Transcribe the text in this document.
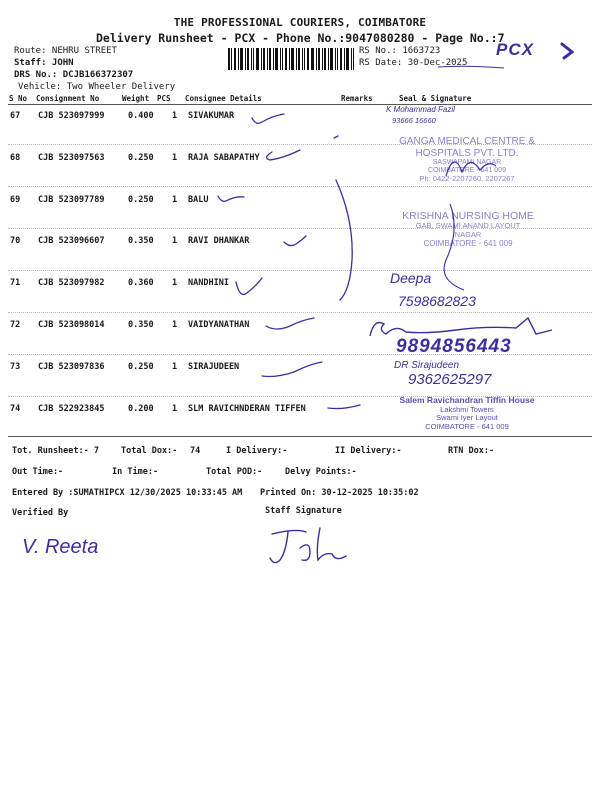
THE PROFESSIONAL COURIERS, COIMBATORE
Delivery Runsheet - PCX - Phone No.:9047080280 - Page No.:7
Route: NEHRU STREET
Staff: JOHN
DRS No.: DCJB166372307
Vehicle: Two Wheeler Delivery
RS No.: 1663723
RS Date: 30-Dec-2025
PCX
S No Consignment No	Weight PCS Consignee Details	Remarks	Seal & Signature
67 CJB 523097999	0.400 1 SIVAKUMAR
68 CJB 523097563	0.250 1 RAJA SABAPATHY
69 CJB 523097789	0.250 1 BALU
70 CJB 523096607	0.350 1 RAVI DHANKAR
71 CJB 523097982	0.360 1 NANDHINI
72 CJB 523098014	0.350 1 VAIDYANATHAN
73 CJB 523097836	0.250 1 SIRAJUDEEN
74 CJB 522923845	0.200 1 SLM RAVICHNDERAN TIFFEN
K Mohammad Fazil
93666 16660
GANGA MEDICAL CENTRE &
HOSPITALS PVT. LTD.
SASWAPAMI NAGAR
COIMBATORE - 641 009
Ph: 0422-2207260, 2207267
KRISHNA NURSING HOME
GAB, SWAMI ANAND LAYOUT
NAGAR
COIMBATORE - 641 009
Deepa
7598682823
9894856443
DR Sirajudeen
9362625297
Salem Ravichandran Tiffin House
Lakshmi Towers
Swami Iyer Layout
COIMBATORE - 641 009
Tot. Runsheet:- 7	Total Dox:- 74	I Delivery:-	II Delivery:-	RTN Dox:-
Out Time:-	In Time:-	Total POD:-	Delvy Points:-
Entered By :SUMATHIPCX 12/30/2025 10:33:45 AM Printed On: 30-12-2025 10:35:02
Verified By	Staff Signature
V. Reeta
